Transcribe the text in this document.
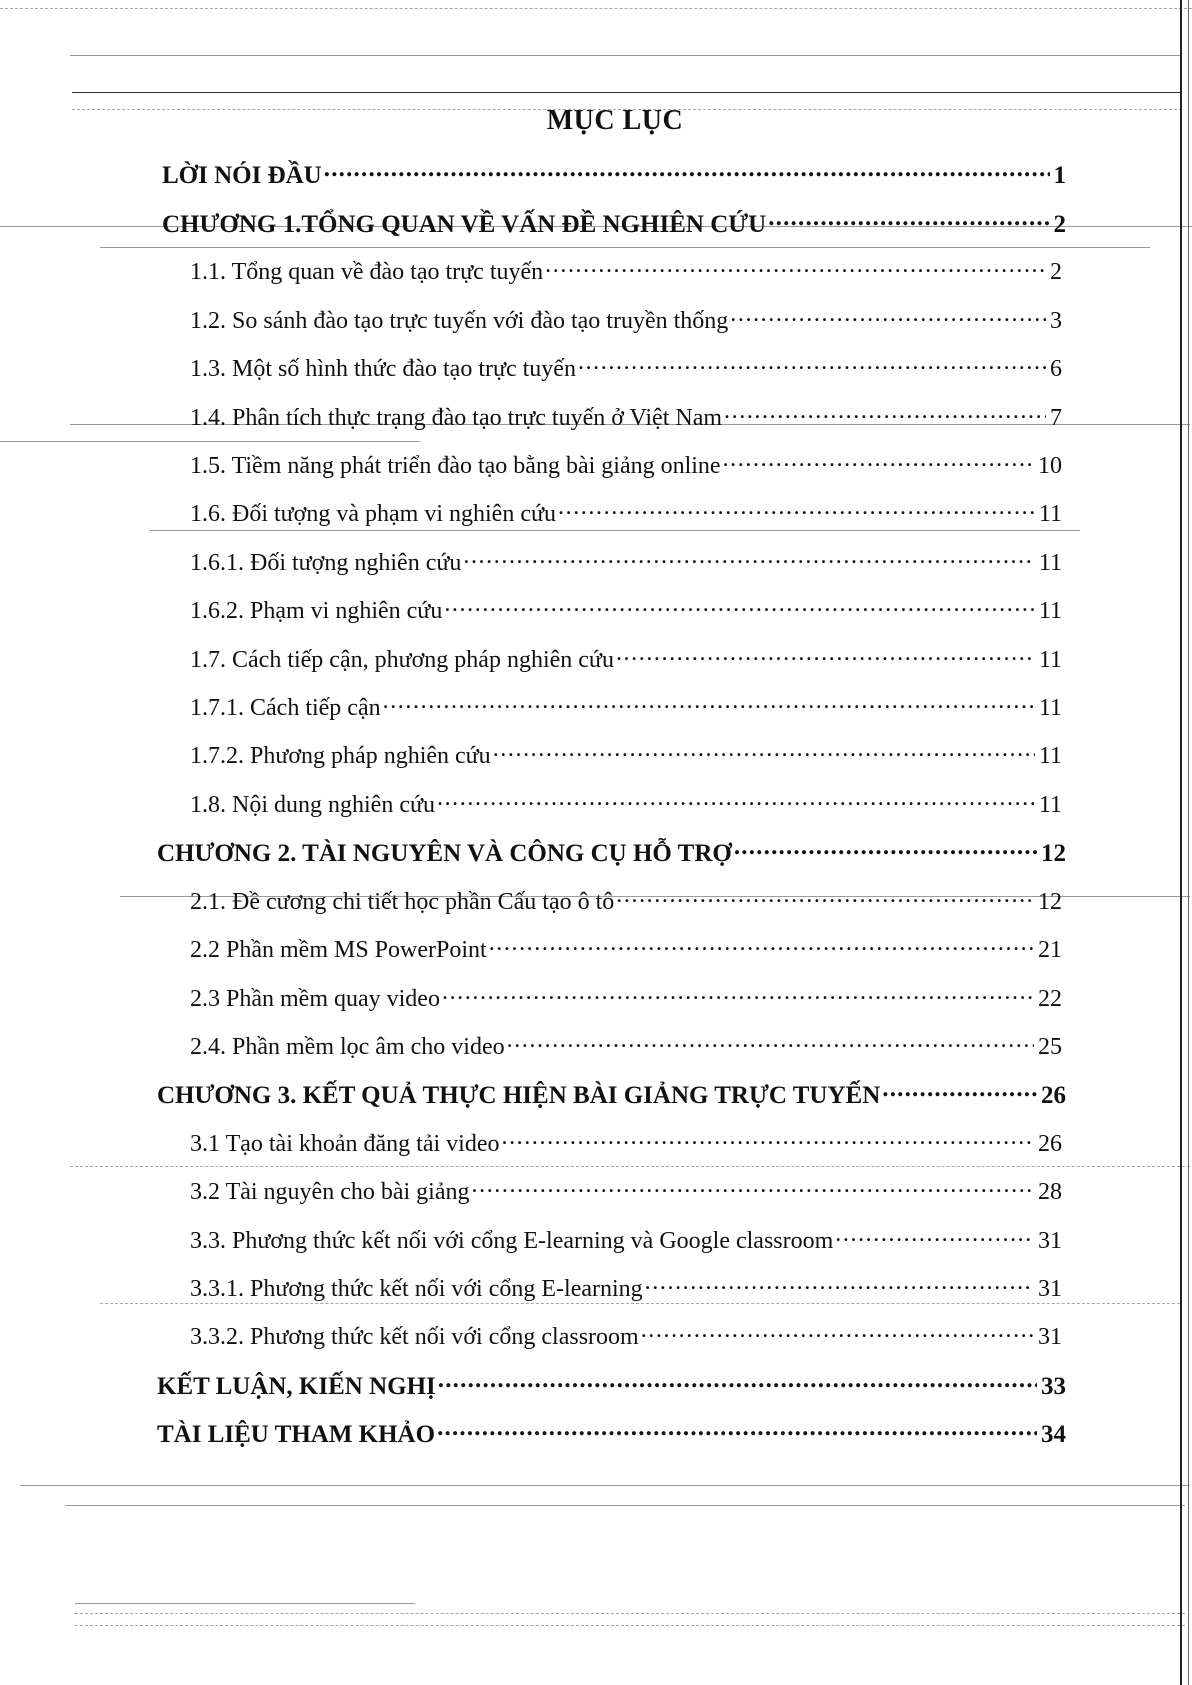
MỤC LỤC
LỜI NÓI ĐẦU .....	1
CHƯƠNG 1.TỔNG QUAN VỀ VẤN ĐỀ NGHIÊN CỨU .....	2
1.1. Tổng quan về đào tạo trực tuyến .....	2
1.2. So sánh đào tạo trực tuyến với đào tạo truyền thống .....	3
1.3. Một số hình thức đào tạo trực tuyến .....	6
1.4. Phân tích thực trạng đào tạo trực tuyến ở Việt Nam .....	7
1.5. Tiềm năng phát triển đào tạo bằng bài giảng online .....	10
1.6. Đối tượng và phạm vi nghiên cứu .....	11
1.6.1. Đối tượng nghiên cứu .....	11
1.6.2. Phạm vi nghiên cứu .....	11
1.7. Cách tiếp cận, phương pháp nghiên cứu .....	11
1.7.1. Cách tiếp cận .....	11
1.7.2. Phương pháp nghiên cứu .....	11
1.8. Nội dung nghiên cứu .....	11
CHƯƠNG 2. TÀI NGUYÊN VÀ CÔNG CỤ HỖ TRỢ .....	12
2.1. Đề cương chi tiết học phần Cấu tạo ô tô .....	12
2.2 Phần mềm MS PowerPoint .....	21
2.3 Phần mềm quay video .....	22
2.4. Phần mềm lọc âm cho video .....	25
CHƯƠNG 3. KẾT QUẢ THỰC HIỆN BÀI GIẢNG TRỰC TUYẾN .....	26
3.1 Tạo tài khoản đăng tải video .....	26
3.2 Tài nguyên cho bài giảng .....	28
3.3. Phương thức kết nối với cổng E-learning và Google classroom .....	31
3.3.1. Phương thức kết nối với cổng E-learning .....	31
3.3.2. Phương thức kết nối với cổng classroom .....	31
KẾT LUẬN, KIẾN NGHỊ .....	33
TÀI LIỆU THAM KHẢO .....	34
